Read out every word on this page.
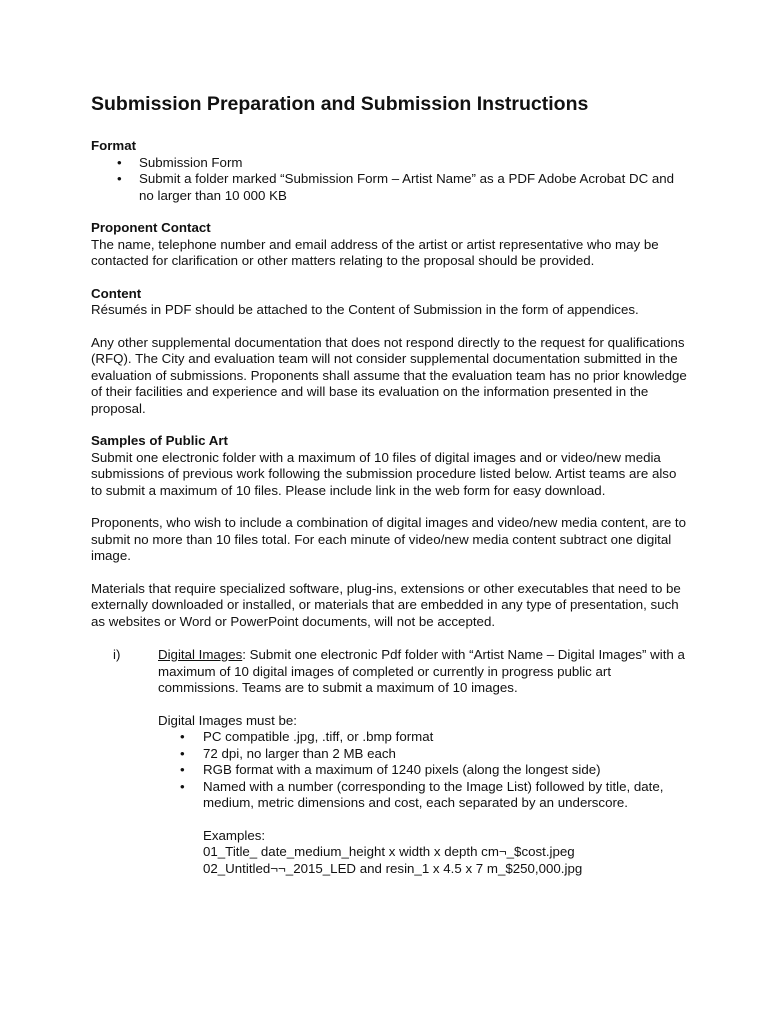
Submission Preparation and Submission Instructions

Format

• Submission Form
• Submit a folder marked “Submission Form – Artist Name” as a PDF Adobe Acrobat DC and no larger than 10 000 KB

Proponent Contact

The name, telephone number and email address of the artist or artist representative who may be contacted for clarification or other matters relating to the proposal should be provided.

Content

Résumés in PDF should be attached to the Content of Submission in the form of appendices.

Any other supplemental documentation that does not respond directly to the request for qualifications (RFQ). The City and evaluation team will not consider supplemental documentation submitted in the evaluation of submissions. Proponents shall assume that the evaluation team has no prior knowledge of their facilities and experience and will base its evaluation on the information presented in the proposal.

Samples of Public Art

Submit one electronic folder with a maximum of 10 files of digital images and or video/new media submissions of previous work following the submission procedure listed below. Artist teams are also to submit a maximum of 10 files. Please include link in the web form for easy download.

Proponents, who wish to include a combination of digital images and video/new media content, are to submit no more than 10 files total. For each minute of video/new media content subtract one digital image.

Materials that require specialized software, plug-ins, extensions or other executables that need to be externally downloaded or installed, or materials that are embedded in any type of presentation, such as websites or Word or PowerPoint documents, will not be accepted.

i)	Digital Images: Submit one electronic Pdf folder with “Artist Name – Digital Images” with a maximum of 10 digital images of completed or currently in progress public art commissions. Teams are to submit a maximum of 10 images.
Digital Images must be:
• PC compatible .jpg, .tiff, or .bmp format
• 72 dpi, no larger than 2 MB each
• RGB format with a maximum of 1240 pixels (along the longest side)
• Named with a number (corresponding to the Image List) followed by title, date, medium, metric dimensions and cost, each separated by an underscore.
Examples:
01_Title_ date_medium_height x width x depth cm¬_$cost.jpeg
02_Untitled¬¬_2015_LED and resin_1 x 4.5 x 7 m_$250,000.jpg
